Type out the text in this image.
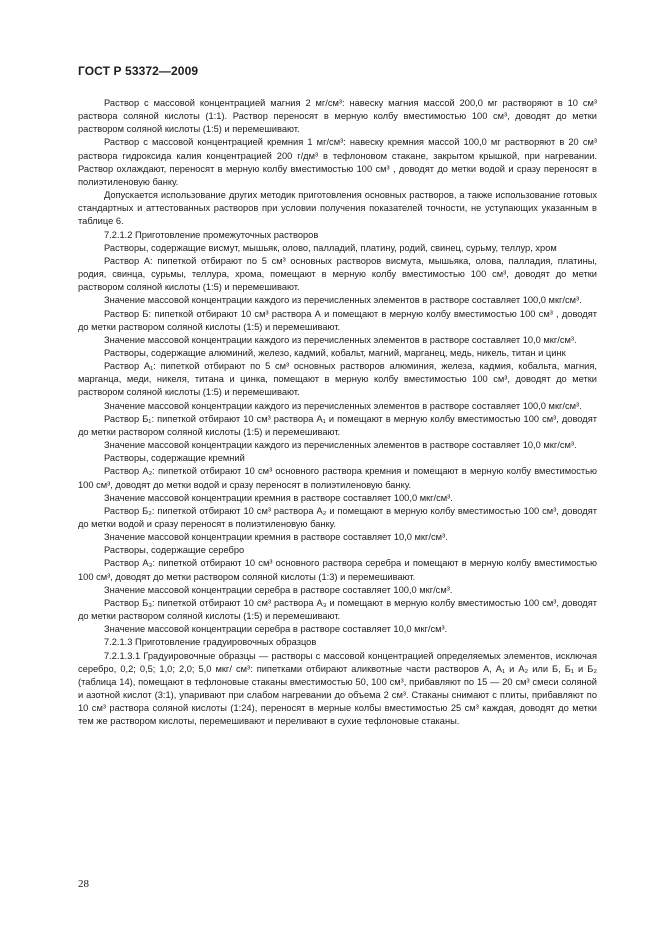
ГОСТ Р 53372—2009

Раствор с массовой концентрацией магния 2 мг/см³: навеску магния массой 200,0 мг растворяют в 10 см³ раствора соляной кислоты (1:1). Раствор переносят в мерную колбу вместимостью 100 см³, доводят до метки раствором соляной кислоты (1:5) и перемешивают.

Раствор с массовой концентрацией кремния 1 мг/см³: навеску кремния массой 100,0 мг растворяют в 20 см³ раствора гидроксида калия концентрацией 200 г/дм³ в тефлоновом стакане, закрытом крышкой, при нагревании. Раствор охлаждают, переносят в мерную колбу вместимостью 100 см³ , доводят до метки водой и сразу переносят в полиэтиленовую банку.

Допускается использование других методик приготовления основных растворов, а также использование готовых стандартных и аттестованных растворов при условии получения показателей точности, не уступающих указанным в таблице 6.

7.2.1.2 Приготовление промежуточных растворов

Растворы, содержащие висмут, мышьяк, олово, палладий, платину, родий, свинец, сурьму, теллур, хром

Раствор А: пипеткой отбирают по 5 см³ основных растворов висмута, мышьяка, олова, палладия, платины, родия, свинца, сурьмы, теллура, хрома, помещают в мерную колбу вместимостью 100 см³, доводят до метки раствором соляной кислоты (1:5) и перемешивают.

Значение массовой концентрации каждого из перечисленных элементов в растворе составляет 100,0 мкг/см³.

Раствор Б: пипеткой отбирают 10 см³ раствора А и помещают в мерную колбу вместимостью 100 см³ , доводят до метки раствором соляной кислоты (1:5) и перемешивают.

Значение массовой концентрации каждого из перечисленных элементов в растворе составляет 10,0 мкг/см³.

Растворы, содержащие алюминий, железо, кадмий, кобальт, магний, марганец, медь, никель, титан и цинк

Раствор А₁: пипеткой отбирают по 5 см³ основных растворов алюминия, железа, кадмия, кобальта, магния, марганца, меди, никеля, титана и цинка, помещают в мерную колбу вместимостью 100 см³, доводят до метки раствором соляной кислоты (1:5) и перемешивают.

Значение массовой концентрации каждого из перечисленных элементов в растворе составляет 100,0 мкг/см³.

Раствор Б₁: пипеткой отбирают 10 см³ раствора А₁ и помещают в мерную колбу вместимостью 100 см³, доводят до метки раствором соляной кислоты (1:5) и перемешивают.

Значение массовой концентрации каждого из перечисленных элементов в растворе составляет 10,0 мкг/см³.

Растворы, содержащие кремний

Раствор А₂: пипеткой отбирают 10 см³ основного раствора кремния и помещают в мерную колбу вместимостью 100 см³, доводят до метки водой и сразу переносят в полиэтиленовую банку.

Значение массовой концентрации кремния в растворе составляет 100,0 мкг/см³.

Раствор Б₂: пипеткой отбирают 10 см³ раствора А₂ и помещают в мерную колбу вместимостью 100 см³, доводят до метки водой и сразу переносят в полиэтиленовую банку.

Значение массовой концентрации кремния в растворе составляет 10,0 мкг/см³.

Растворы, содержащие серебро

Раствор А₃: пипеткой отбирают 10 см³ основного раствора серебра и помещают в мерную колбу вместимостью 100 см³, доводят до метки раствором соляной кислоты (1:3) и перемешивают.

Значение массовой концентрации серебра в растворе составляет 100,0 мкг/см³.

Раствор Б₃: пипеткой отбирают 10 см³ раствора А₃ и помещают в мерную колбу вместимостью 100 см³, доводят до метки раствором соляной кислоты (1:5) и перемешивают.

Значение массовой концентрации серебра в растворе составляет 10,0 мкг/см³.

7.2.1.3 Приготовление градуировочных образцов

7.2.1.3.1 Градуировочные образцы — растворы с массовой концентрацией определяемых элементов, исключая серебро, 0,2; 0,5; 1,0; 2,0; 5,0 мкг/ см³: пипетками отбирают аликвотные части растворов А, А₁ и А₂ или Б, Б₁ и Б₂ (таблица 14), помещают в тефлоновые стаканы вместимостью 50, 100 см³, прибавляют по 15 — 20 см³ смеси соляной и азотной кислот (3:1), упаривают при слабом нагревании до объема 2 см³. Стаканы снимают с плиты, прибавляют по 10 см³ раствора соляной кислоты (1:24), переносят в мерные колбы вместимостью 25 см³ каждая, доводят до метки тем же раствором кислоты, перемешивают и переливают в сухие тефлоновые стаканы.

28
